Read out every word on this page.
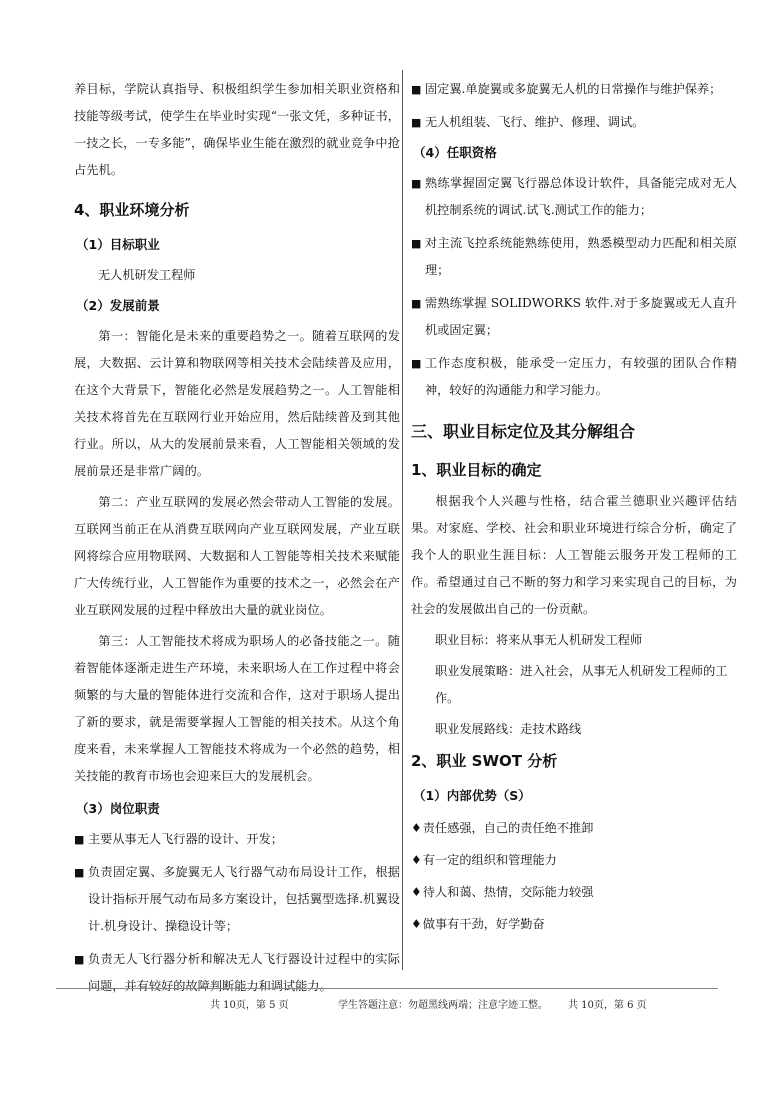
养目标，学院认真指导、积极组织学生参加相关职业资格和技能等级考试，使学生在毕业时实现“一张文凭，多种证书，一技之长，一专多能”，确保毕业生能在激烈的就业竞争中抢占先机。

4、职业环境分析
（1）目标职业
无人机研发工程师
（2）发展前景

第一：智能化是未来的重要趋势之一。随着互联网的发展，大数据、云计算和物联网等相关技术会陆续普及应用，在这个大背景下，智能化必然是发展趋势之一。人工智能相关技术将首先在互联网行业开始应用，然后陆续普及到其他行业。所以，从大的发展前景来看，人工智能相关领域的发展前景还是非常广阔的。

第二：产业互联网的发展必然会带动人工智能的发展。互联网当前正在从消费互联网向产业互联网发展，产业互联网将综合应用物联网、大数据和人工智能等相关技术来赋能广大传统行业，人工智能作为重要的技术之一，必然会在产业互联网发展的过程中释放出大量的就业岗位。

第三：人工智能技术将成为职场人的必备技能之一。随着智能体逐渐走进生产环境，未来职场人在工作过程中将会频繁的与大量的智能体进行交流和合作，这对于职场人提出了新的要求，就是需要掌握人工智能的相关技术。从这个角度来看，未来掌握人工智能技术将成为一个必然的趋势，相关技能的教育市场也会迎来巨大的发展机会。

（3）岗位职责
■ 主要从事无人飞行器的设计、开发；
■ 负责固定翼、多旋翼无人飞行器气动布局设计工作，根据设计指标开展气动布局多方案设计，包括翼型选择.机翼设计.机身设计、操稳设计等；
■ 负责无人飞行器分析和解决无人飞行器设计过程中的实际问题，并有较好的故障判断能力和调试能力。
■ 固定翼.单旋翼或多旋翼无人机的日常操作与维护保养；
■ 无人机组装、飞行、维护、修理、调试。
（4）任职资格
■ 熟练掌握固定翼飞行器总体设计软件，具备能完成对无人机控制系统的调试.试飞.测试工作的能力；
■ 对主流飞控系统能熟练使用，熟悉模型动力匹配和相关原理；
■ 需熟练掌握 SOLIDWORKS 软件.对于多旋翼或无人直升机或固定翼；
■ 工作态度积极，能承受一定压力，有较强的团队合作精神，较好的沟通能力和学习能力。
三、职业目标定位及其分解组合
1、职业目标的确定

根据我个人兴趣与性格，结合霍兰德职业兴趣评估结果。对家庭、学校、社会和职业环境进行综合分析，确定了我个人的职业生涯目标：人工智能云服务开发工程师的工作。希望通过自己不断的努力和学习来实现自己的目标，为社会的发展做出自己的一份贡献。

职业目标：将来从事无人机研发工程师
职业发展策略：进入社会，从事无人机研发工程师的工作。
职业发展路线：走技术路线
2、职业 SWOT 分析
（1）内部优势（S）
♦责任感强，自己的责任绝不推卸
♦有一定的组织和管理能力
♦待人和蔼、热情，交际能力较强
♦做事有干劲，好学勤奋
共 10页，第 5 页	学生答题注意：勿超黑线两端；注意字迹工整。 共 10页，第 6 页
